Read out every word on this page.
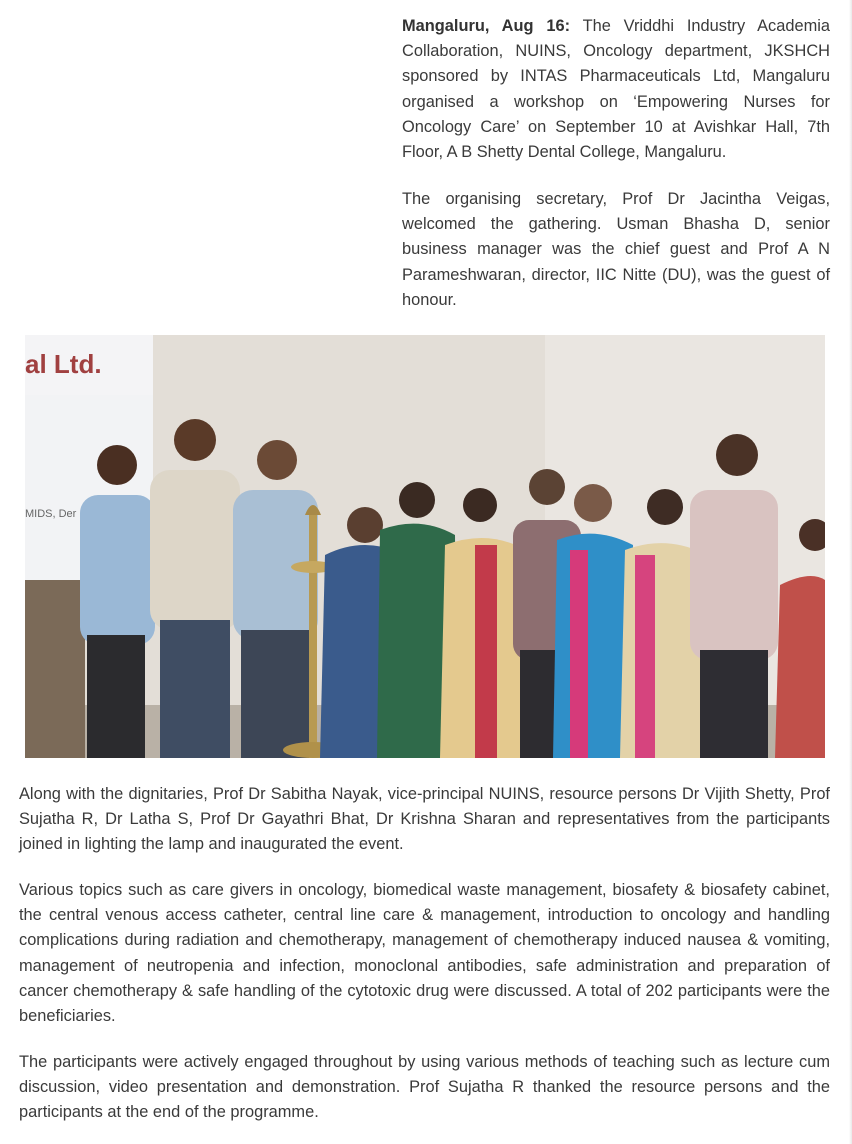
Mangaluru, Aug 16: The Vriddhi Industry Academia Collaboration, NUINS, Oncology department, JKSHCH sponsored by INTAS Pharmaceuticals Ltd, Mangaluru organised a workshop on ‘Empowering Nurses for Oncology Care’ on September 10 at Avishkar Hall, 7th Floor, A B Shetty Dental College, Mangaluru.

The organising secretary, Prof Dr Jacintha Veigas, welcomed the gathering. Usman Bhasha D, senior business manager was the chief guest and Prof A N Parameshwaran, director, IIC Nitte (DU), was the guest of honour.

al Ltd.
MIDS, Der

Along with the dignitaries, Prof Dr Sabitha Nayak, vice-principal NUINS, resource persons Dr Vijith Shetty, Prof Sujatha R, Dr Latha S, Prof Dr Gayathri Bhat, Dr Krishna Sharan and representatives from the participants joined in lighting the lamp and inaugurated the event.

Various topics such as care givers in oncology, biomedical waste management, biosafety & biosafety cabinet, the central venous access catheter, central line care & management, introduction to oncology and handling complications during radiation and chemotherapy, management of chemotherapy induced nausea & vomiting, management of neutropenia and infection, monoclonal antibodies, safe administration and preparation of cancer chemotherapy & safe handling of the cytotoxic drug were discussed. A total of 202 participants were the beneficiaries.

The participants were actively engaged throughout by using various methods of teaching such as lecture cum discussion, video presentation and demonstration. Prof Sujatha R thanked the resource persons and the participants at the end of the programme.
